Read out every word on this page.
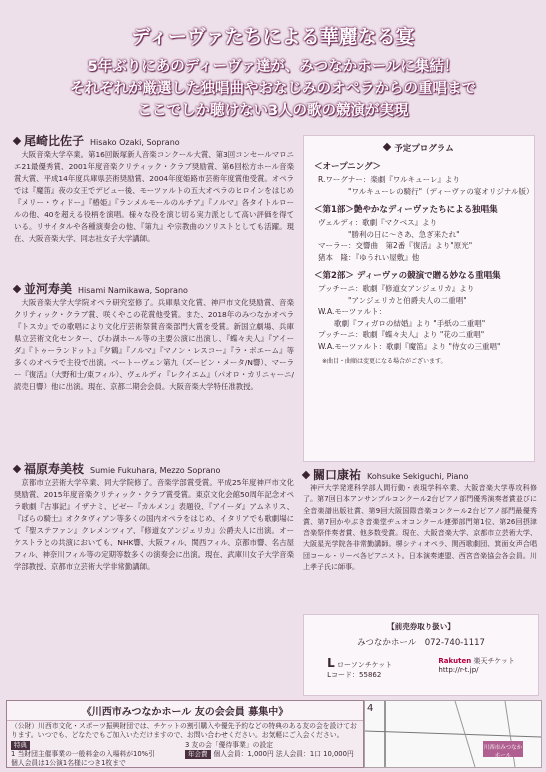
ディーヴァたちによる華麗なる宴
5年ぶりにあのディーヴァ達が、みつなかホールに集結！
それぞれが厳選した独唱曲やおなじみのオペラからの重唱まで
ここでしか聴けない3人の歌の競演が実現
尾崎比佐子 Hisako Ozaki, Soprano
大阪音楽大学卒業。第16回飯塚新人音楽コンクール大賞、第3回コンセールマロニエ21最優秀賞、2001年度音楽クリティック・クラブ奨励賞、第6回松方ホール音楽賞大賞、平成14年度兵庫県芸術奨励賞、2004年度姫路市芸術年度賞他受賞。オペラでは『魔笛』夜の女王でデビュー後、モーツァルトの五大オペラのヒロインをはじめ『メリー・ウィドー』『椿姫』『ランメルモールのルチア』『ノルマ』各タイトルロールの他、40を超える役柄を演唱。様々な役を演じ切る実力派として高い評価を得ている。リサイタルや各種演奏会の他、『第九』や宗教曲のソリストとしても活躍。現在、大阪音楽大学、同志社女子大学講師。
並河寿美 Hisami Namikawa, Soprano
大阪音楽大学大学院オペラ研究室修了。兵庫県文化賞、神戸市文化奨励賞、音楽クリティック・クラブ賞、咲くやこの花賞他受賞。また、2018年のみつなかオペラ『トスカ』での歌唱により文化庁芸術祭賞音楽部門大賞を受賞。新国立劇場、兵庫県立芸術文化センター、びわ湖ホール等の主要公演に出演し、『蝶々夫人』『アイーダ』『トゥーランドット』『夕鶴』『ノルマ』『マノン・レスコー』『ラ・ボエーム』等多くのオペラで主役で出演。ベートーヴェン第九（ズービン・メータ/N響）、マーラー『復活』（大野和士/東フィル）、ヴェルディ『レクイエム』（パオロ・カリニャーニ/読売日響）他に出演。現在、京都二期会会員。大阪音楽大学特任准教授。
福原寿美枝 Sumie Fukuhara, Mezzo Soprano
京都市立芸術大学卒業、同大学院修了。音楽学部賞受賞。平成25年度神戸市文化奨励賞、2015年度音楽クリティック・クラブ賞受賞。東京文化会館50周年記念オペラ歌劇『古事記』イザナミ、ビゼー『カルメン』表題役、『アイーダ』アムネリス、『ばらの騎士』オクタヴィアン等多くの国内オペラをはじめ、イタリアでも歌劇場にて『聖ステファン』クレメンツィア、『修道女アンジェリカ』公爵夫人に出演。オーケストラとの共演においても、NHK響、大阪フィル、関西フィル、京都市響、名古屋フィル、神奈川フィル等の定期等数多くの演奏会に出演。現在、武庫川女子大学音楽学部教授、京都市立芸術大学非常勤講師。
予定プログラム
＜オープニング＞
R.ワーグナー：楽劇『ワルキューレ』より
"ワルキューレの騎行"（ディーヴァの宴オリジナル版）
＜第1部＞艶やかなディーヴァたちによる独唱集
ヴェルディ：歌劇『マクベス』より
"勝利の日に～さあ、急ぎ来たれ"
マーラー：交響曲　第2番『復活』より"原光"
猪本　隆：『ゆうれい屋敷』他
＜第2部＞ ディーヴァの競演で贈る妙なる重唱集
プッチーニ：歌劇『修道女アンジェリカ』より
"アンジェリカと伯爵夫人の二重唱"
W.A.モーツァルト：
歌劇『フィガロの結婚』より "手紙の二重唱"
プッチーニ：歌劇『蝶々夫人』より "花の二重唱"
W.A.モーツァルト：歌劇『魔笛』より "侍女の三重唱"
※曲目・曲順は変更になる場合がございます。
關口康祐 Kohsuke Sekiguchi, Piano
神戸大学発達科学部人間行動・表現学科卒業、大阪音楽大学専攻科修了。第7回日本アンサンブルコンクール2台ピアノ部門優秀演奏者賞並びに全音楽譜出版社賞、第9回大阪国際音楽コンクール2台ピアノ部門最優秀賞、第7回かやぶき音楽堂ヂュオコンクール連弾部門第1位、第26回摂津音楽祭伴奏者賞、他多数受賞。現在、大阪音楽大学、京都市立芸術大学、大阪星光学院各非常勤講師。堺シティオペラ、関西歌劇団、箕面女声合唱団コール・リーベ各ピアニスト。日本演奏連盟、西宮音楽協会各会員。川上孝子氏に師事。
【前売券取り扱い】
みつなかホール　072-740-1117
L ローソンチケット
Lコード：55862
Rakuten 楽天チケット
http://r-t.jp/
《川西市みつなかホール 友の会会員 募集中》
（公財）川西市文化・スポーツ振興財団では、チケットの割引購入や優先予約などの特典のある友の会を設けております。いつでも、どなたでもご加入いただけますので、お問い合わせください。お気軽にご入会ください。
特典
1 当財団主催事業の一般料金の入場料が10%引
個人会員は1公演1名様につき1枚まで
3 友の会「優待事業」の設定
年会費 個人会員：1,000円 法人会員：1口 10,000円
4
川西市みつなかホール
